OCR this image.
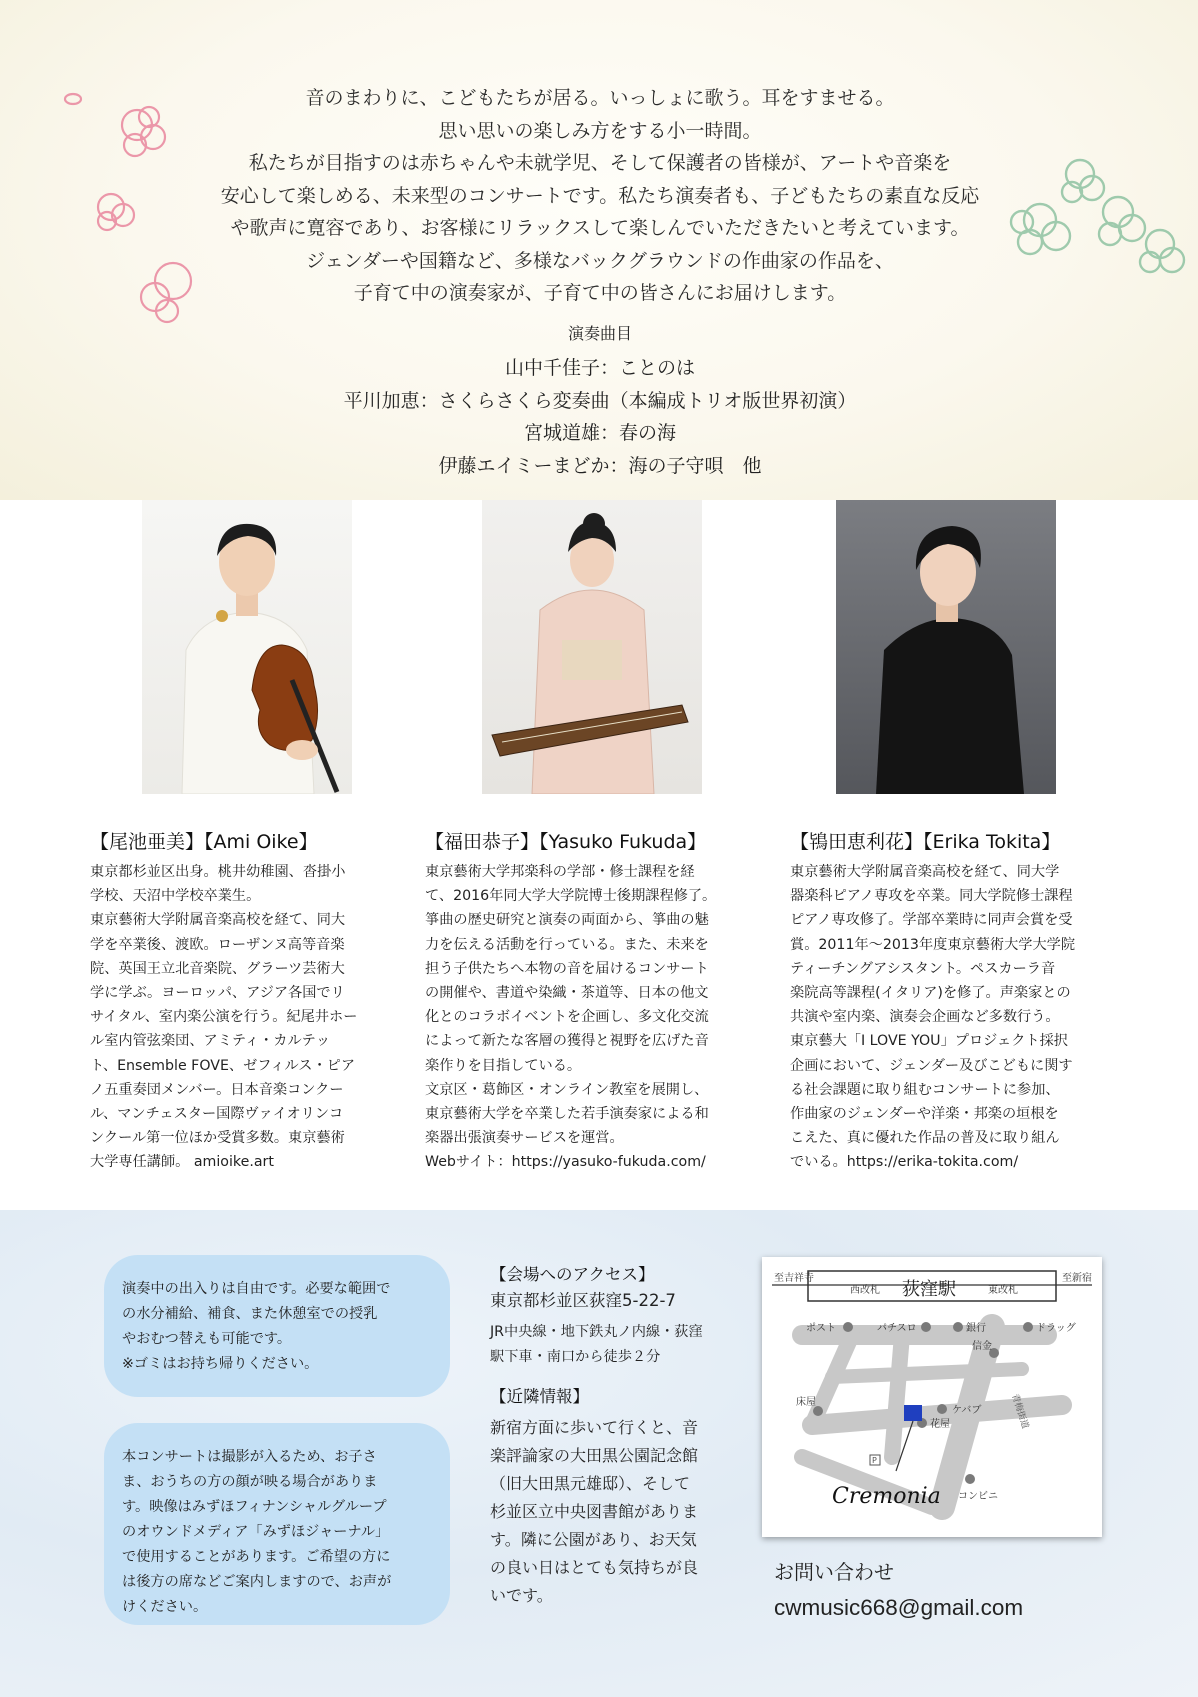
音のまわりに、こどもたちが居る。いっしょに歌う。耳をすませる。
思い思いの楽しみ方をする小一時間。
私たちが目指すのは赤ちゃんや未就学児、そして保護者の皆様が、アートや音楽を
安心して楽しめる、未来型のコンサートです。私たち演奏者も、子どもたちの素直な反応
や歌声に寛容であり、お客様にリラックスして楽しんでいただきたいと考えています。
ジェンダーや国籍など、多様なバックグラウンドの作曲家の作品を、
子育て中の演奏家が、子育て中の皆さんにお届けします。
演奏曲目
山中千佳子：ことのは
平川加恵：さくらさくら変奏曲（本編成トリオ版世界初演）
宮城道雄：春の海
伊藤エイミーまどか：海の子守唄　他
【尾池亜美】【Ami Oike】
東京都杉並区出身。桃井幼稚園、沓掛小
学校、天沼中学校卒業生。
東京藝術大学附属音楽高校を経て、同大
学を卒業後、渡欧。ローザンヌ高等音楽
院、英国王立北音楽院、グラーツ芸術大
学に学ぶ。ヨーロッパ、アジア各国でリ
サイタル、室内楽公演を行う。紀尾井ホー
ル室内管弦楽団、アミティ・カルテッ
ト、Ensemble FOVE、ゼフィルス・ピア
ノ五重奏団メンバー。日本音楽コンクー
ル、マンチェスター国際ヴァイオリンコ
ンクール第一位ほか受賞多数。東京藝術
大学専任講師。 amioike.art
【福田恭子】【Yasuko Fukuda】
東京藝術大学邦楽科の学部・修士課程を経
て、2016年同大学大学院博士後期課程修了。
箏曲の歴史研究と演奏の両面から、箏曲の魅
力を伝える活動を行っている。また、未来を
担う子供たちへ本物の音を届けるコンサート
の開催や、書道や染織・茶道等、日本の他文
化とのコラボイベントを企画し、多文化交流
によって新たな客層の獲得と視野を広げた音
楽作りを目指している。
文京区・葛飾区・オンライン教室を展開し、
東京藝術大学を卒業した若手演奏家による和
楽器出張演奏サービスを運営。
Webサイト：https://yasuko-fukuda.com/
【鴇田恵利花】【Erika Tokita】
東京藝術大学附属音楽高校を経て、同大学
器楽科ピアノ専攻を卒業。同大学院修士課程
ピアノ専攻修了。学部卒業時に同声会賞を受
賞。2011年〜2013年度東京藝術大学大学院
ティーチングアシスタント。ペスカーラ音
楽院高等課程(イタリア)を修了。声楽家との
共演や室内楽、演奏会企画など多数行う。
東京藝大「I LOVE YOU」プロジェクト採択
企画において、ジェンダー及びこどもに関す
る社会課題に取り組むコンサートに参加、
作曲家のジェンダーや洋楽・邦楽の垣根を
こえた、真に優れた作品の普及に取り組ん
でいる。https://erika-tokita.com/
演奏中の出入りは自由です。必要な範囲で
の水分補給、補食、また休憩室での授乳
やおむつ替えも可能です。
※ゴミはお持ち帰りください。
本コンサートは撮影が入るため、お子さ
ま、おうちの方の顔が映る場合がありま
す。映像はみずほフィナンシャルグループ
のオウンドメディア「みずほジャーナル」
で使用することがあります。ご希望の方に
は後方の席などご案内しますので、お声が
けください。
【会場へのアクセス】
東京都杉並区荻窪5-22-7
JR中央線・地下鉄丸ノ内線・荻窪
駅下車・南口から徒歩２分
【近隣情報】
新宿方面に歩いて行くと、音
楽評論家の大田黒公園記念館
（旧大田黒元雄邸）、そして
杉並区立中央図書館がありま
す。隣に公園があり、お天気
の良い日はとても気持ちが良
いです。
至吉祥寺	至新宿
西改札 荻窪駅	東改札
青梅街道
ポスト	パチスロ	銀行	ドラッグ
信金
ケバブ
花屋
床屋
コンビニ
P
Cremonia
お問い合わせ
cwmusic668@gmail.com
